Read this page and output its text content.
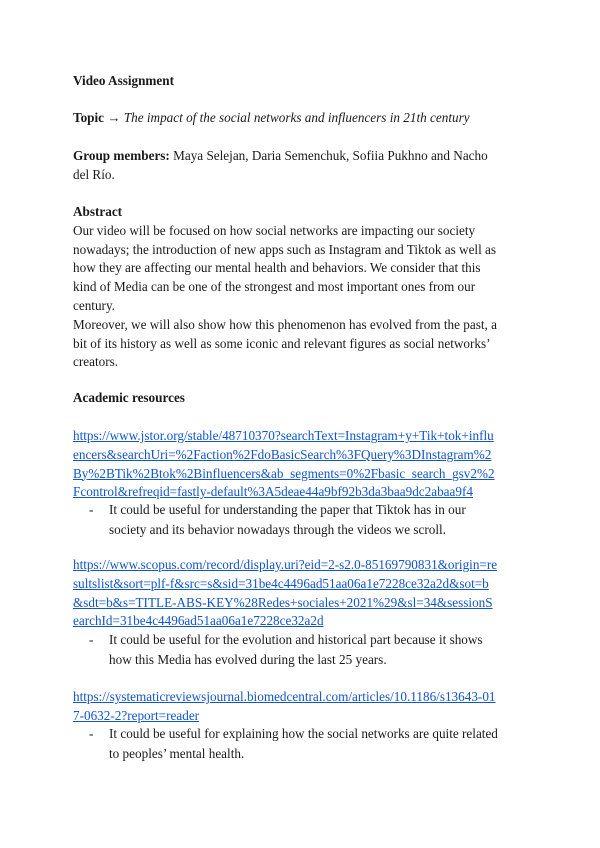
Video Assignment
Topic → The impact of the social networks and influencers in 21th century
Group members: Maya Selejan, Daria Semenchuk, Sofiia Pukhno and Nacho
del Río.
Abstract
Our video will be focused on how social networks are impacting our society
nowadays; the introduction of new apps such as Instagram and Tiktok as well as
how they are affecting our mental health and behaviors. We consider that this
kind of Media can be one of the strongest and most important ones from our
century.
Moreover, we will also show how this phenomenon has evolved from the past, a
bit of its history as well as some iconic and relevant figures as social networks’
creators.
Academic resources
https://www.jstor.org/stable/48710370?searchText=Instagram+y+Tik+tok+influ
encers&searchUri=%2Faction%2FdoBasicSearch%3FQuery%3DInstagram%2
By%2BTik%2Btok%2Binfluencers&ab_segments=0%2Fbasic_search_gsv2%2
Fcontrol&refreqid=fastly-default%3A5deae44a9bf92b3da3baa9dc2abaa9f4
- It could be useful for understanding the paper that Tiktok has in our
society and its behavior nowadays through the videos we scroll.
https://www.scopus.com/record/display.uri?eid=2-s2.0-85169790831&origin=re
sultslist&sort=plf-f&src=s&sid=31be4c4496ad51aa06a1e7228ce32a2d&sot=b
&sdt=b&s=TITLE-ABS-KEY%28Redes+sociales+2021%29&sl=34&sessionS
earchId=31be4c4496ad51aa06a1e7228ce32a2d
- It could be useful for the evolution and historical part because it shows
how this Media has evolved during the last 25 years.
https://systematicreviewsjournal.biomedcentral.com/articles/10.1186/s13643-01
7-0632-2?report=reader
- It could be useful for explaining how the social networks are quite related
to peoples’ mental health.
